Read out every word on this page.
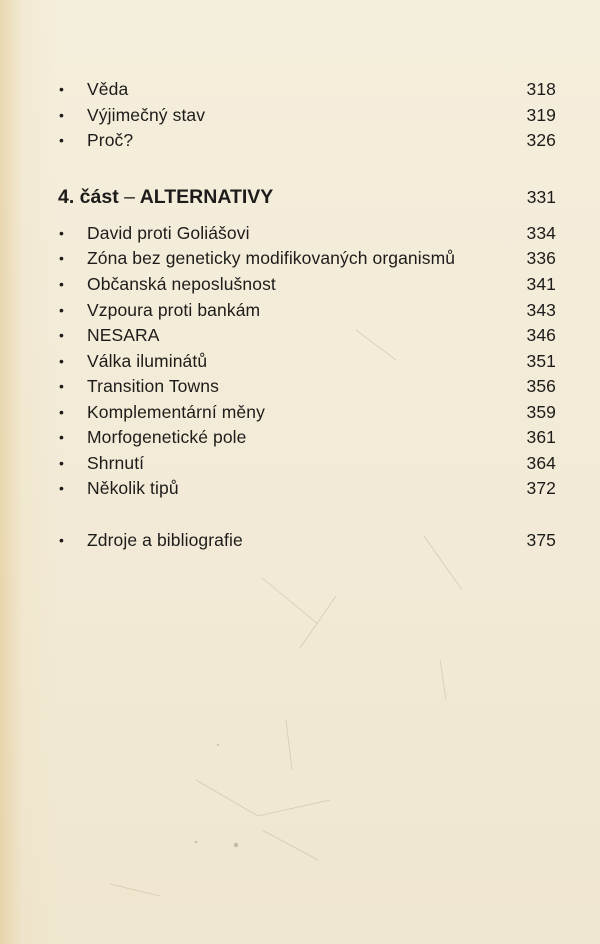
•	Věda	318
•	Výjimečný stav	319
•	Proč?	326
4. část – ALTERNATIVY	331
•	David proti Goliášovi	334
•	Zóna bez geneticky modifikovaných organismů	336
•	Občanská neposlušnost	341
•	Vzpoura proti bankám	343
•	NESARA	346
•	Válka iluminátů	351
•	Transition Towns	356
•	Komplementární měny	359
•	Morfogenetické pole	361
•	Shrnutí	364
•	Několik tipů	372
•	Zdroje a bibliografie	375
